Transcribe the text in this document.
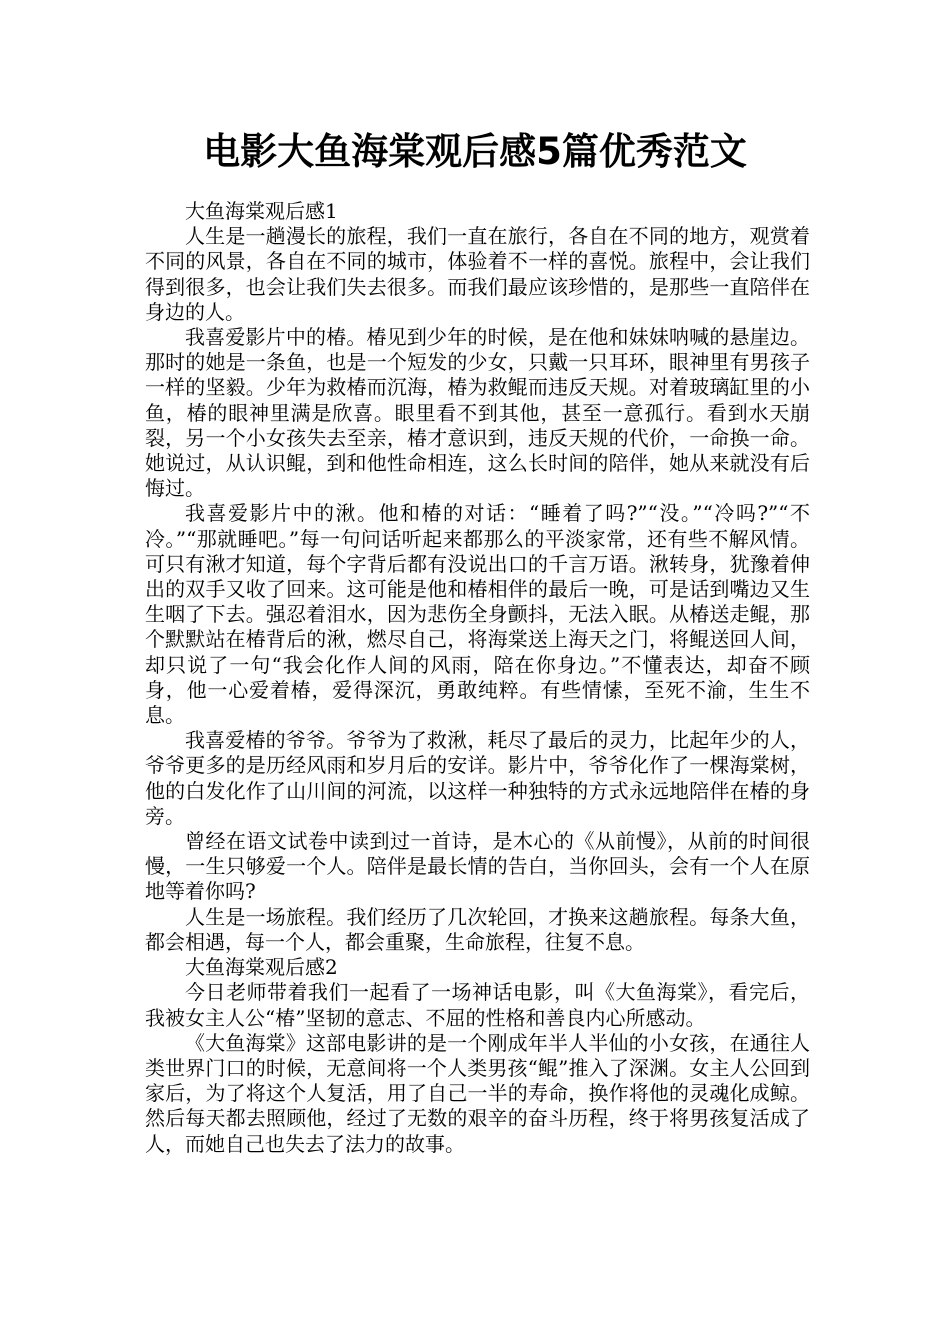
电影大鱼海棠观后感5篇优秀范文

大鱼海棠观后感1

人生是一趟漫长的旅程，我们一直在旅行，各自在不同的地方，观赏着不同的风景，各自在不同的城市，体验着不一样的喜悦。旅程中，会让我们得到很多，也会让我们失去很多。而我们最应该珍惜的，是那些一直陪伴在身边的人。

我喜爱影片中的椿。椿见到少年的时候，是在他和妹妹呐喊的悬崖边。那时的她是一条鱼，也是一个短发的少女，只戴一只耳环，眼神里有男孩子一样的坚毅。少年为救椿而沉海，椿为救鲲而违反天规。对着玻璃缸里的小鱼，椿的眼神里满是欣喜。眼里看不到其他，甚至一意孤行。看到水天崩裂，另一个小女孩失去至亲，椿才意识到，违反天规的代价，一命换一命。她说过，从认识鲲，到和他性命相连，这么长时间的陪伴，她从来就没有后悔过。

我喜爱影片中的湫。他和椿的对话：“睡着了吗?”“没。”“冷吗?”“不冷。”“那就睡吧。”每一句问话听起来都那么的平淡家常，还有些不解风情。可只有湫才知道，每个字背后都有没说出口的千言万语。湫转身，犹豫着伸出的双手又收了回来。这可能是他和椿相伴的最后一晚，可是话到嘴边又生生咽了下去。强忍着泪水，因为悲伤全身颤抖，无法入眠。从椿送走鲲，那个默默站在椿背后的湫，燃尽自己，将海棠送上海天之门，将鲲送回人间，却只说了一句“我会化作人间的风雨，陪在你身边。”不懂表达，却奋不顾身，他一心爱着椿，爱得深沉，勇敢纯粹。有些情愫，至死不渝，生生不息。

我喜爱椿的爷爷。爷爷为了救湫，耗尽了最后的灵力，比起年少的人，爷爷更多的是历经风雨和岁月后的安详。影片中，爷爷化作了一棵海棠树，他的白发化作了山川间的河流，以这样一种独特的方式永远地陪伴在椿的身旁。

曾经在语文试卷中读到过一首诗，是木心的《从前慢》，从前的时间很慢，一生只够爱一个人。陪伴是最长情的告白，当你回头，会有一个人在原地等着你吗?

人生是一场旅程。我们经历了几次轮回，才换来这趟旅程。每条大鱼，都会相遇，每一个人，都会重聚，生命旅程，往复不息。

大鱼海棠观后感2

今日老师带着我们一起看了一场神话电影，叫《大鱼海棠》，看完后，我被女主人公“椿”坚韧的意志、不屈的性格和善良内心所感动。

《大鱼海棠》这部电影讲的是一个刚成年半人半仙的小女孩，在通往人类世界门口的时候，无意间将一个人类男孩“鲲”推入了深渊。女主人公回到家后，为了将这个人复活，用了自己一半的寿命，换作将他的灵魂化成鲸。然后每天都去照顾他，经过了无数的艰辛的奋斗历程，终于将男孩复活成了人，而她自己也失去了法力的故事。
